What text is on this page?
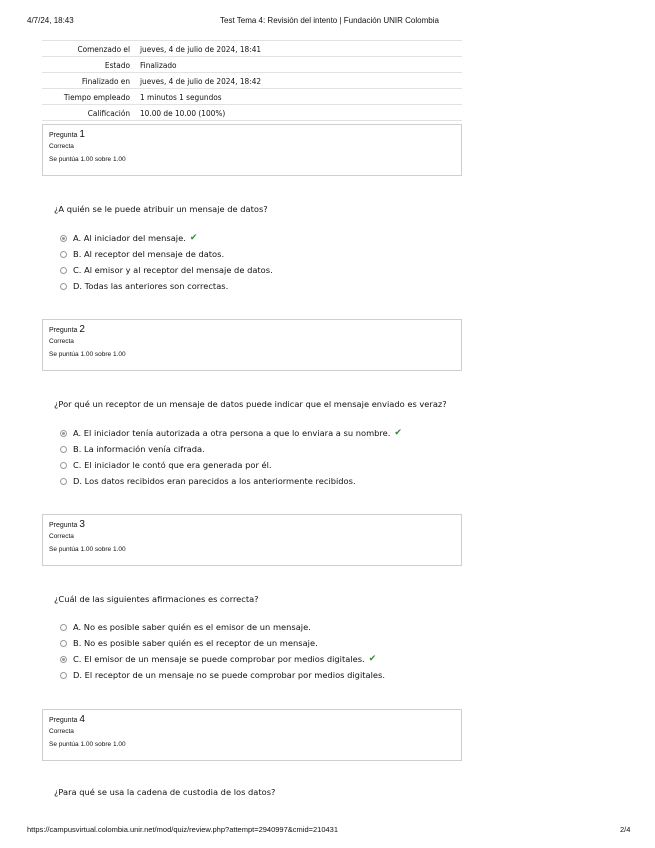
4/7/24, 18:43	Test Tema 4: Revisión del intento | Fundación UNIR Colombia
Comenzado el	jueves, 4 de julio de 2024, 18:41
Estado	Finalizado
Finalizado en	jueves, 4 de julio de 2024, 18:42
Tiempo empleado	1 minutos 1 segundos
Calificación	10.00 de 10.00 (100%)
Pregunta 1
Correcta
Se puntúa 1.00 sobre 1.00
¿A quién se le puede atribuir un mensaje de datos?
A. Al iniciador del mensaje. ✔
B. Al receptor del mensaje de datos.
C. Al emisor y al receptor del mensaje de datos.
D. Todas las anteriores son correctas.
Pregunta 2
Correcta
Se puntúa 1.00 sobre 1.00
¿Por qué un receptor de un mensaje de datos puede indicar que el mensaje enviado es veraz?
A. El iniciador tenía autorizada a otra persona a que lo enviara a su nombre. ✔
B. La información venía cifrada.
C. El iniciador le contó que era generada por él.
D. Los datos recibidos eran parecidos a los anteriormente recibidos.
Pregunta 3
Correcta
Se puntúa 1.00 sobre 1.00
¿Cuál de las siguientes afirmaciones es correcta?
A. No es posible saber quién es el emisor de un mensaje.
B. No es posible saber quién es el receptor de un mensaje.
C. El emisor de un mensaje se puede comprobar por medios digitales. ✔
D. El receptor de un mensaje no se puede comprobar por medios digitales.
Pregunta 4
Correcta
Se puntúa 1.00 sobre 1.00
¿Para qué se usa la cadena de custodia de los datos?
https://campusvirtual.colombia.unir.net/mod/quiz/review.php?attempt=2940997&cmid=210431	2/4
